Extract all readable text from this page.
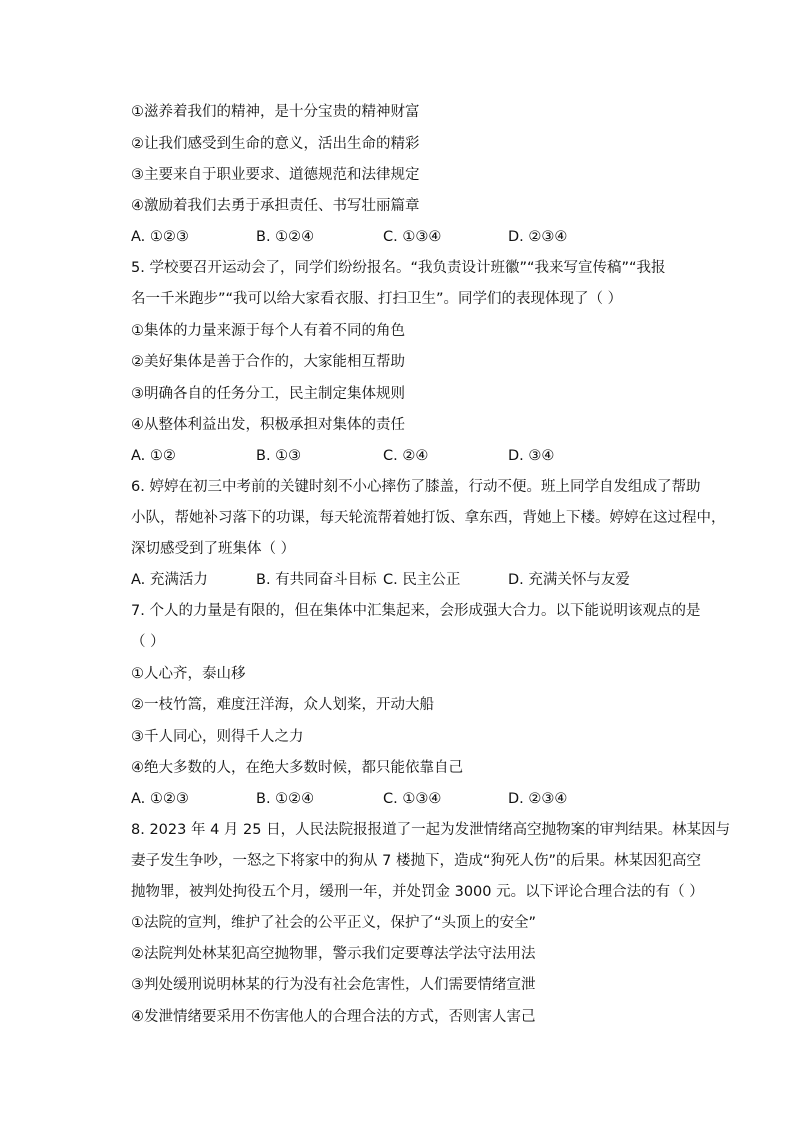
①滋养着我们的精神，是十分宝贵的精神财富
②让我们感受到生命的意义，活出生命的精彩
③主要来自于职业要求、道德规范和法律规定
④激励着我们去勇于承担责任、书写壮丽篇章
A. ①②③	B. ①②④	C. ①③④	D. ②③④
5. 学校要召开运动会了，同学们纷纷报名。“我负责设计班徽”“我来写宣传稿”“我报
名一千米跑步”“我可以给大家看衣服、打扫卫生”。同学们的表现体现了（ ）
①集体的力量来源于每个人有着不同的角色
②美好集体是善于合作的，大家能相互帮助
③明确各自的任务分工，民主制定集体规则
④从整体利益出发，积极承担对集体的责任
A. ①②	B. ①③	C. ②④	D. ③④
6. 婷婷在初三中考前的关键时刻不小心摔伤了膝盖，行动不便。班上同学自发组成了帮助
小队，帮她补习落下的功课，每天轮流帮着她打饭、拿东西，背她上下楼。婷婷在这过程中，
深切感受到了班集体（ ）
A. 充满活力	B. 有共同奋斗目标 C. 民主公正	D. 充满关怀与友爱
7. 个人的力量是有限的，但在集体中汇集起来，会形成强大合力。以下能说明该观点的是
（ ）
①人心齐，泰山移
②一枝竹篙，难度汪洋海，众人划桨，开动大船
③千人同心，则得千人之力
④绝大多数的人，在绝大多数时候，都只能依靠自己
A. ①②③	B. ①②④	C. ①③④	D. ②③④
8. 2023 年 4 月 25 日，人民法院报报道了一起为发泄情绪高空抛物案的审判结果。林某因与
妻子发生争吵，一怒之下将家中的狗从 7 楼抛下，造成“狗死人伤”的后果。林某因犯高空
抛物罪，被判处拘役五个月，缓刑一年，并处罚金 3000 元。以下评论合理合法的有（ ）
①法院的宣判，维护了社会的公平正义，保护了“头顶上的安全”
②法院判处林某犯高空抛物罪，警示我们定要尊法学法守法用法
③判处缓刑说明林某的行为没有社会危害性，人们需要情绪宣泄
④发泄情绪要采用不伤害他人的合理合法的方式，否则害人害己
